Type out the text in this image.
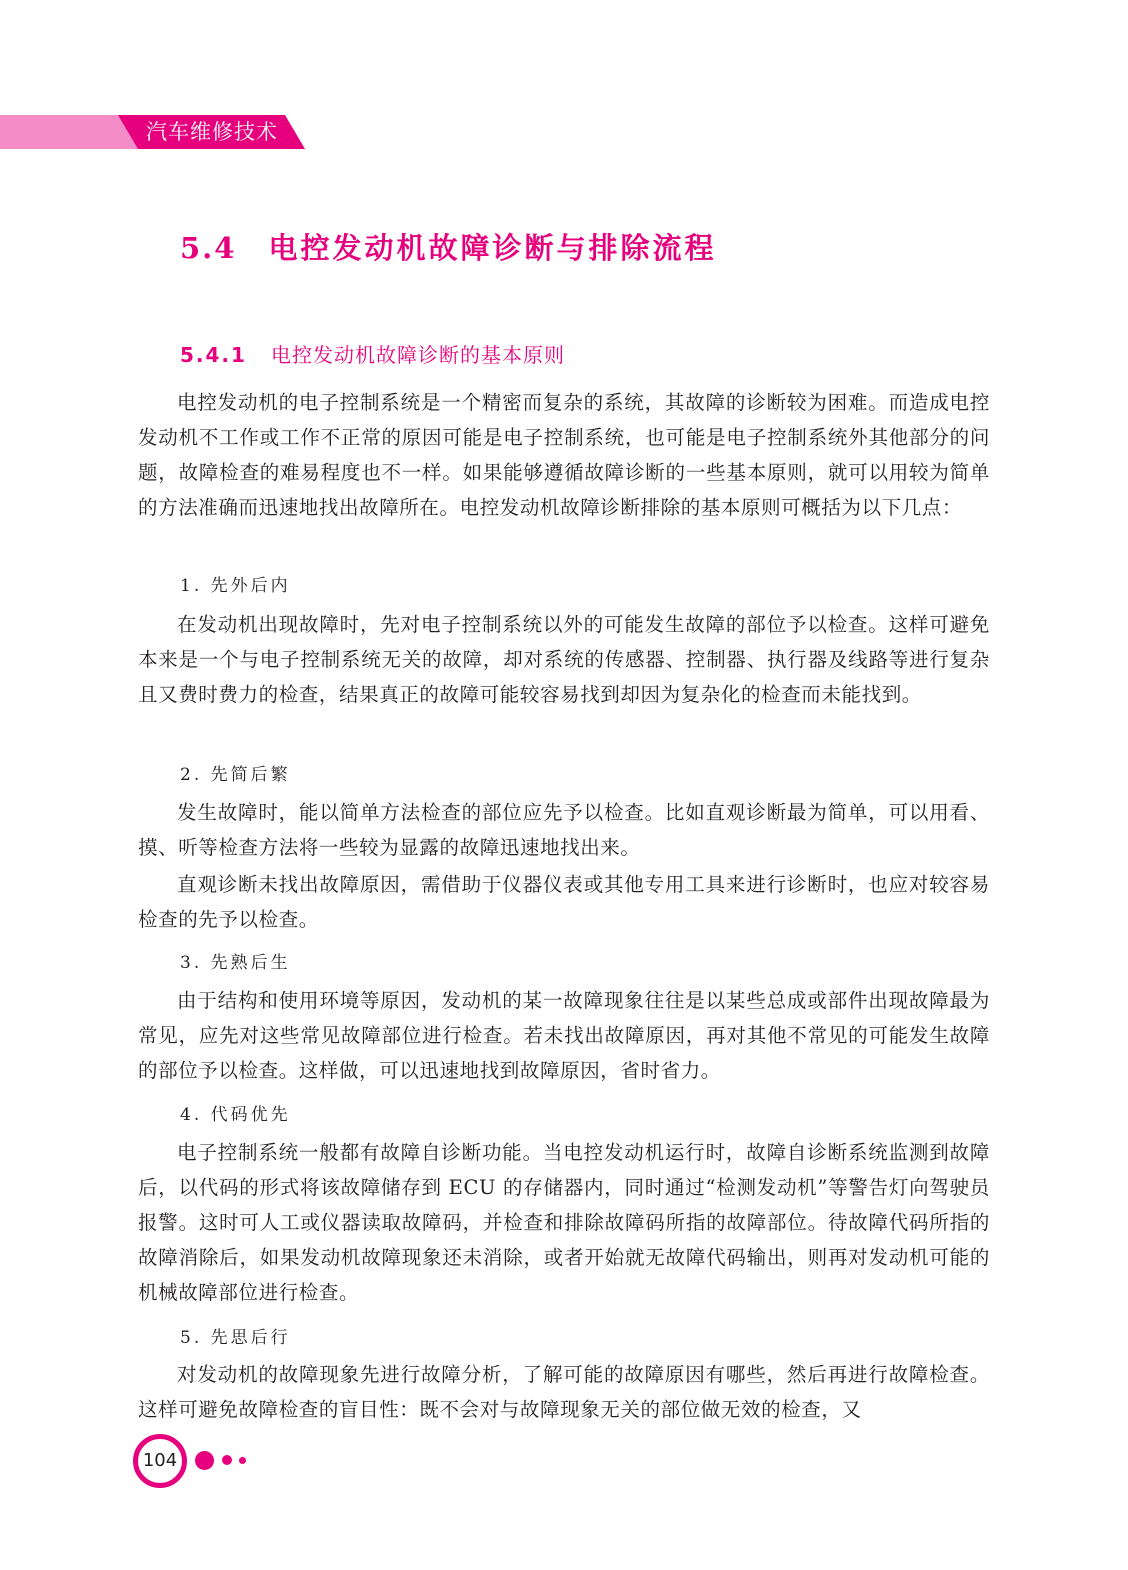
汽车维修技术
5.4 电控发动机故障诊断与排除流程
5.4.1 电控发动机故障诊断的基本原则

电控发动机的电子控制系统是一个精密而复杂的系统，其故障的诊断较为困难。而造成电控发动机不工作或工作不正常的原因可能是电子控制系统，也可能是电子控制系统外其他部分的问题，故障检查的难易程度也不一样。如果能够遵循故障诊断的一些基本原则，就可以用较为简单的方法准确而迅速地找出故障所在。电控发动机故障诊断排除的基本原则可概括为以下几点：

1. 先外后内

在发动机出现故障时，先对电子控制系统以外的可能发生故障的部位予以检查。这样可避免本来是一个与电子控制系统无关的故障，却对系统的传感器、控制器、执行器及线路等进行复杂且又费时费力的检查，结果真正的故障可能较容易找到却因为复杂化的检查而未能找到。

2. 先简后繁

发生故障时，能以简单方法检查的部位应先予以检查。比如直观诊断最为简单，可以用看、摸、听等检查方法将一些较为显露的故障迅速地找出来。

直观诊断未找出故障原因，需借助于仪器仪表或其他专用工具来进行诊断时，也应对较容易检查的先予以检查。

3. 先熟后生

由于结构和使用环境等原因，发动机的某一故障现象往往是以某些总成或部件出现故障最为常见，应先对这些常见故障部位进行检查。若未找出故障原因，再对其他不常见的可能发生故障的部位予以检查。这样做，可以迅速地找到故障原因，省时省力。

4. 代码优先

电子控制系统一般都有故障自诊断功能。当电控发动机运行时，故障自诊断系统监测到故障后，以代码的形式将该故障储存到 ECU 的存储器内，同时通过“检测发动机”等警告灯向驾驶员报警。这时可人工或仪器读取故障码，并检查和排除故障码所指的故障部位。待故障代码所指的故障消除后，如果发动机故障现象还未消除，或者开始就无故障代码输出，则再对发动机可能的机械故障部位进行检查。

5. 先思后行

对发动机的故障现象先进行故障分析，了解可能的故障原因有哪些，然后再进行故障检查。这样可避免故障检查的盲目性：既不会对与故障现象无关的部位做无效的检查，又

104
